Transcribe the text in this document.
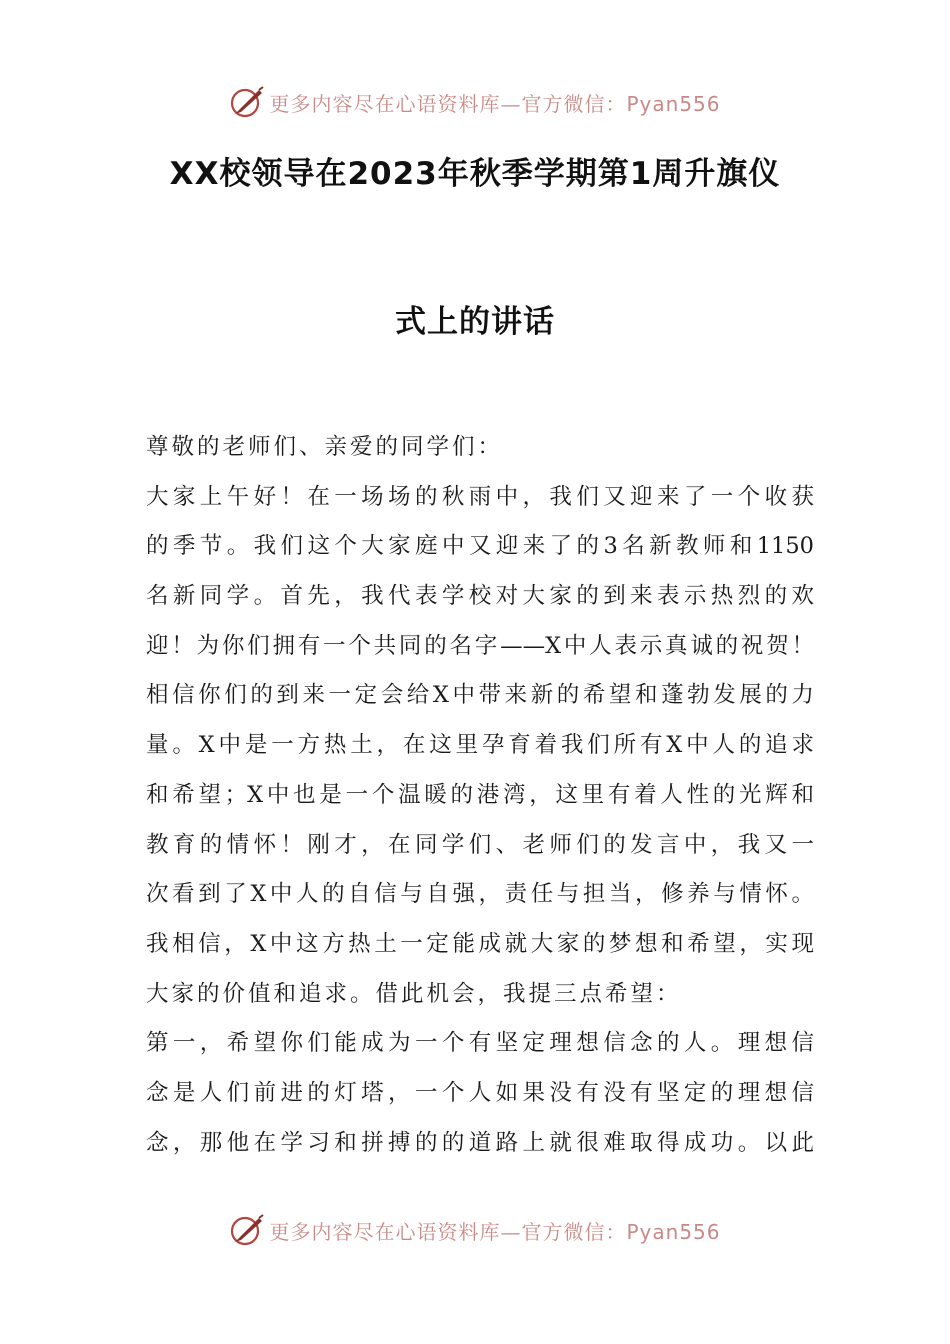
更多内容尽在心语资料库—官方微信：Pyan556
XX校领导在2023年秋季学期第1周升旗仪
式上的讲话
尊敬的老师们、亲爱的同学们：
大家上午好！在一场场的秋雨中，我们又迎来了一个收获
的季节。我们这个大家庭中又迎来了的3名新教师和1150
名新同学。首先，我代表学校对大家的到来表示热烈的欢
迎！为你们拥有一个共同的名字——X中人表示真诚的祝贺！
相信你们的到来一定会给X中带来新的希望和蓬勃发展的力
量。X中是一方热土，在这里孕育着我们所有X中人的追求
和希望；X中也是一个温暖的港湾，这里有着人性的光辉和
教育的情怀！刚才，在同学们、老师们的发言中，我又一
次看到了X中人的自信与自强，责任与担当，修养与情怀。
我相信，X中这方热土一定能成就大家的梦想和希望，实现
大家的价值和追求。借此机会，我提三点希望：
第一，希望你们能成为一个有坚定理想信念的人。理想信
念是人们前进的灯塔，一个人如果没有没有坚定的理想信
念，那他在学习和拼搏的的道路上就很难取得成功。以此
更多内容尽在心语资料库—官方微信：Pyan556
